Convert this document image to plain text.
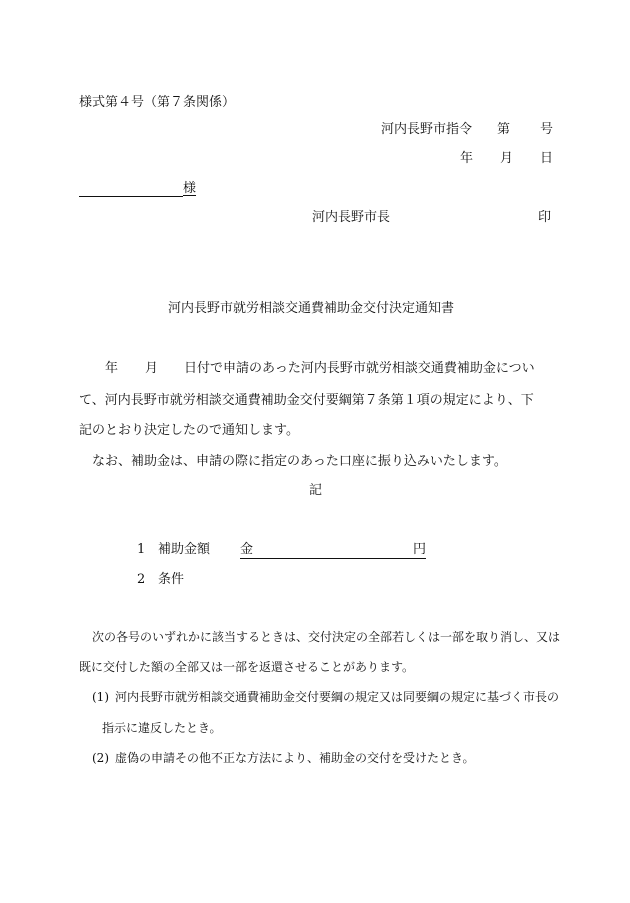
様式第４号（第７条関係）
河内長野市指令 第 号
年 月 日
様
河内長野市長	印
河内長野市就労相談交通費補助金交付決定通知書
年 月 日付で申請のあった河内長野市就労相談交通費補助金につい
て、河内長野市就労相談交通費補助金交付要綱第７条第１項の規定により、下
記のとおり決定したので通知します。
なお、補助金は、申請の際に指定のあった口座に振り込みいたします。
記
1 補助金額 金	円
2 条件
次の各号のいずれかに該当するときは、交付決定の全部若しくは一部を取り消し、又は
既に交付した額の全部又は一部を返還させることがあります。
(1) 河内長野市就労相談交通費補助金交付要綱の規定又は同要綱の規定に基づく市長の
指示に違反したとき。
(2) 虚偽の申請その他不正な方法により、補助金の交付を受けたとき。
